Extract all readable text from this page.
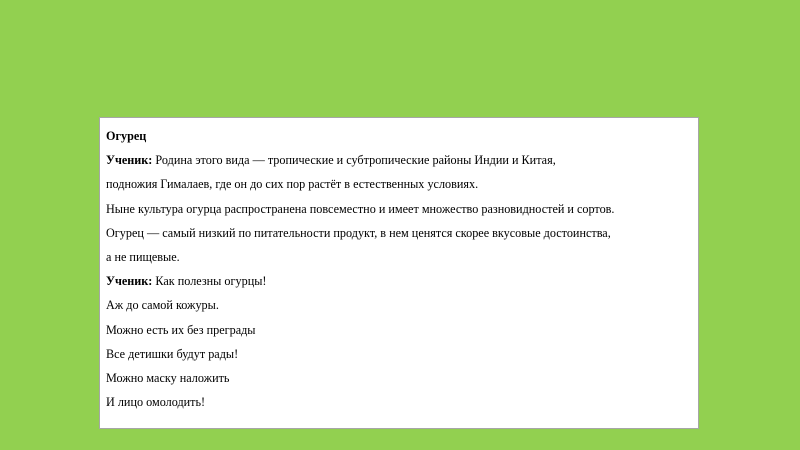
Огурец
Ученик: Родина этого вида — тропические и субтропические районы Индии и Китая,
подножия Гималаев, где он до сих пор растёт в естественных условиях.
Ныне культура огурца распространена повсеместно и имеет множество разновидностей и сортов.
Огурец — самый низкий по питательности продукт, в нем ценятся скорее вкусовые достоинства,
а не пищевые.
Ученик: Как полезны огурцы!
Аж до самой кожуры.
Можно есть их без преграды
Все детишки будут рады!
Можно маску наложить
И лицо омолодить!
